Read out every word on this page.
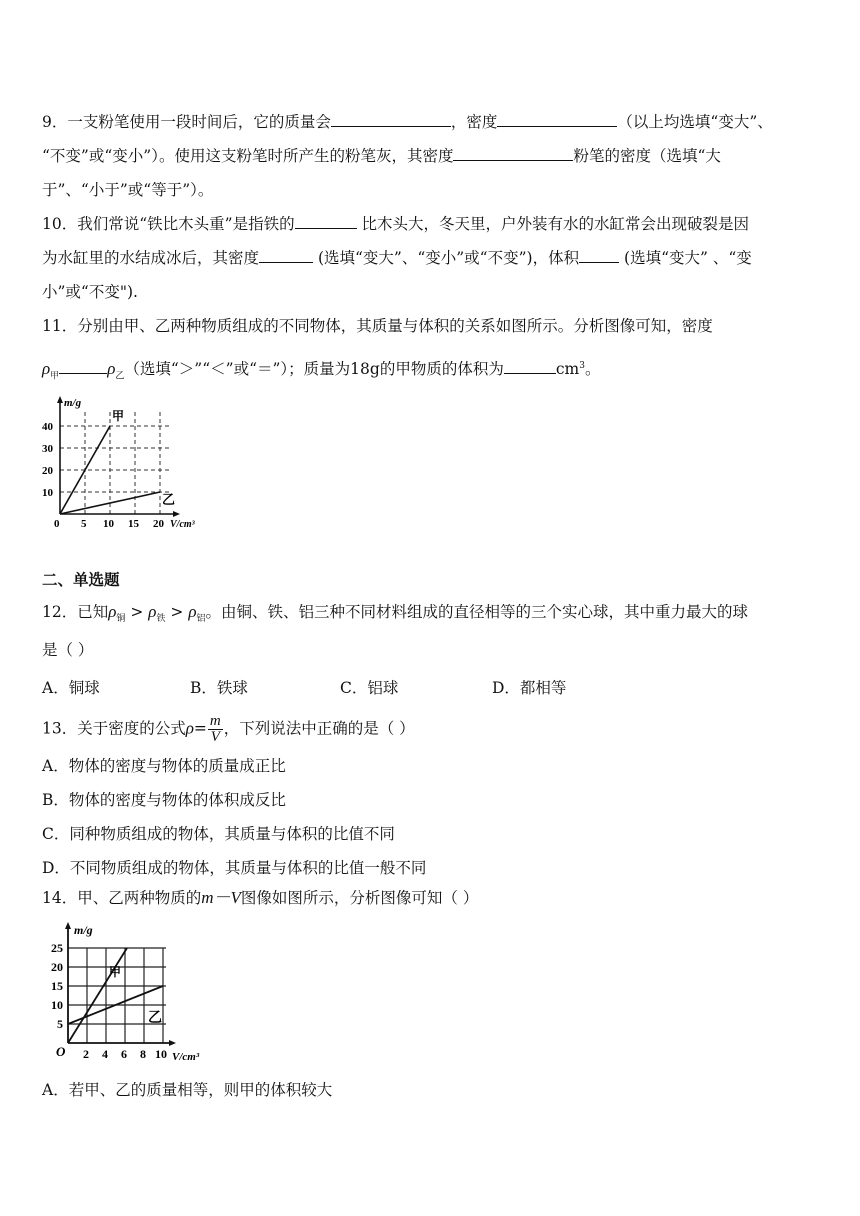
9．一支粉笔使用一段时间后，它的质量会	，密度	（以上均选填“变大”、
“不变”或“变小”）。使用这支粉笔时所产生的粉笔灰，其密度	粉笔的密度（选填“大
于”、“小于”或“等于”）。
10．我们常说“铁比木头重”是指铁的	比木头大，冬天里，户外装有水的水缸常会出现破裂是因
为水缸里的水结成冰后，其密度	(选填“变大”、“变小”或“不变”)，体积	(选填“变大” 、“变
小”或“不变").
11．分别由甲、乙两种物质组成的不同物体，其质量与体积的关系如图所示。分析图像可知，密度
$\rho_甲$	$\rho_乙$（选填“＞”“＜”或“＝”）；质量为18g的甲物质的体积为	$cm^3$。
m/g
40
30
20
10
0 5 10 15 20 V/cm³
甲
乙
二、单选题
12．已知$\rho_铜 > \rho_铁 > \rho_铝$。由铜、铁、铝三种不同材料组成的直径相等的三个实心球，其中重力最大的球
是（ ）
A．铜球	B．铁球	C．铝球	D．都相等
13．关于密度的公式$\rho= \frac{m}{V}$ ，下列说法中正确的是（ ）
A．物体的密度与物体的质量成正比
B．物体的密度与物体的体积成反比
C．同种物质组成的物体，其质量与体积的比值不同
D．不同物质组成的物体，其质量与体积的比值一般不同
14．甲、乙两种物质的m－V图像如图所示，分析图像可知（ ）
m/g
25
20
15
10
5
O 2 4 6 8 10 V/cm³
甲
乙
A．若甲、乙的质量相等，则甲的体积较大
